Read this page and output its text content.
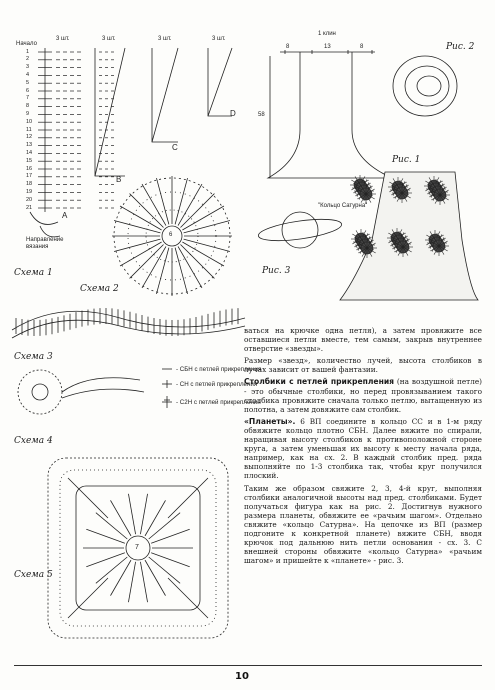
Схема 1
Схема 2
Схема 3
Схема 4
Схема 5
Начало
Направление вязания
3 шт.	3 шт.	3 шт.	3 шт.
A
B
C
D
6
7
1
2
3
4
5
6
7
8
9
10
11
12
13
14
15
16
17
18
19
20
21
Рис. 2
Рис. 1
Рис. 3
1 клин
8	13	8
58
"Кольцо Сатурна"
- СБН с петлей прикрепления
- СН с петлей прикрепления
- С2Н с петлей прикрепления

ваться на крючке одна петля), а затем провяжите все оставшиеся петли вместе, тем самым, закрыв внутреннее отверстие «звезды».

Размер «звезд», количество лучей, высота столбиков в лучах зависит от вашей фантазии.

Столбики с петлей прикрепления (на воздушной петле) - это обычные столбики, но перед провязыванием такого столбика провяжите сначала только петлю, вытащенную из полотна, а затем довяжите сам столбик.

«Планеты». 6 ВП соедините в кольцо СС и в 1-м ряду обвяжите кольцо плотно СБН. Далее вяжите по спирали, наращивая высоту столбиков к противоположной стороне круга, а затем уменьшая их высоту к месту начала ряда, например, как на сх. 2. В каждый столбик пред. ряда выполняйте по 1-3 столбика так, чтобы круг получился плоский.

Таким же образом свяжите 2, 3, 4-й круг, выполняя столбики аналогичной высоты над пред. столбиками. Будет получаться фигура как на рис. 2. Достигнув нужного размера планеты, обвяжите ее «рачьим шагом». Отдельно свяжите «кольцо Сатурна». На цепочке из ВП (размер подгоните к конкретной планете) вяжите СБН, вводя крючок под дальнюю нить петли основания - сх. 3. С внешней стороны обвяжите «кольцо Сатурна» «рачьим шагом» и пришейте к «планете» - рис. 3.

10
